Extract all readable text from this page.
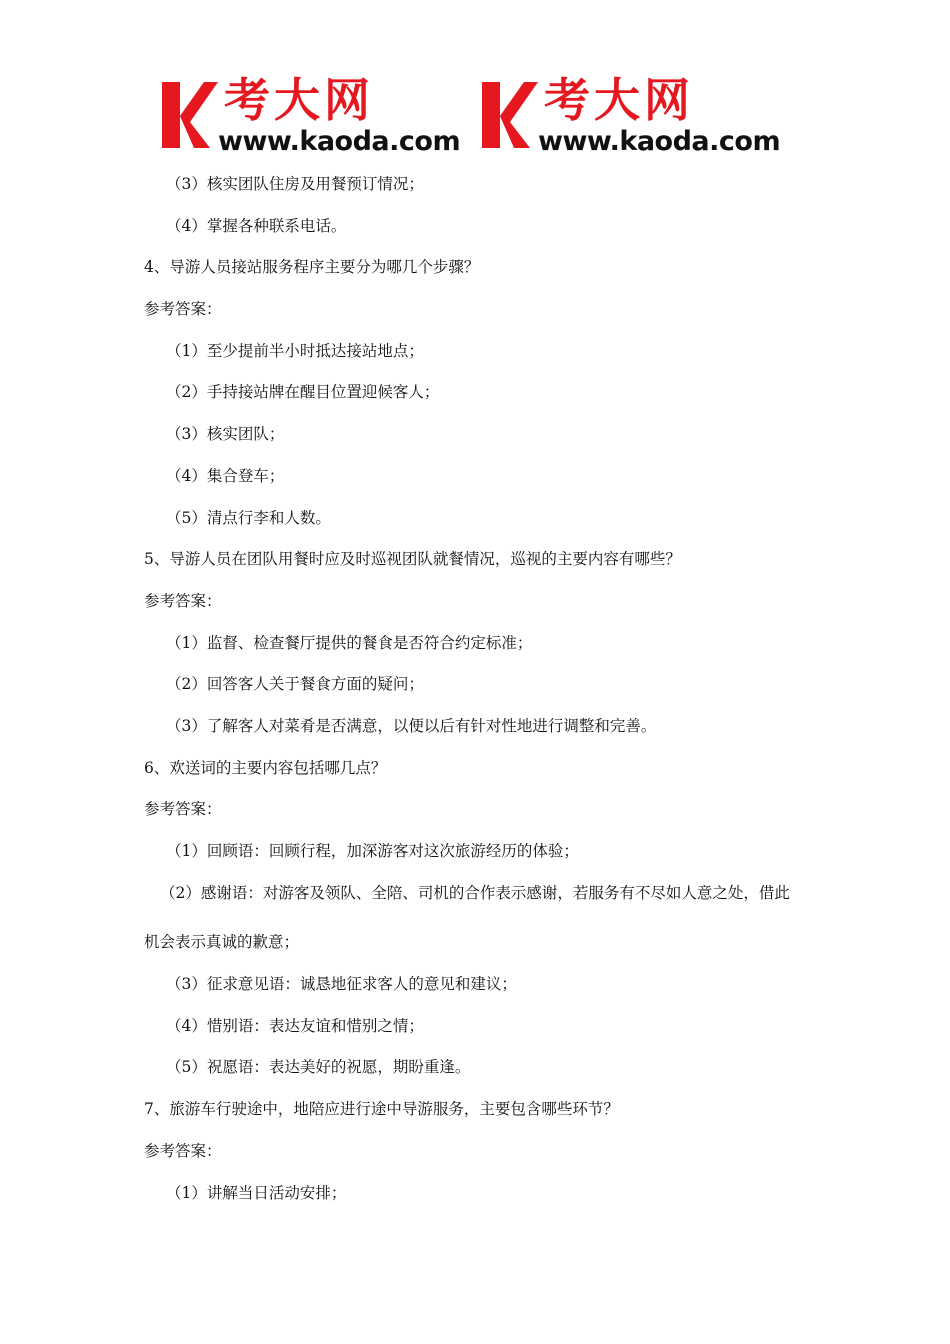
考大网
www.kaoda.com
考大网
www.kaoda.com
（3）核实团队住房及用餐预订情况；
（4）掌握各种联系电话。
4、导游人员接站服务程序主要分为哪几个步骤？
参考答案：
（1）至少提前半小时抵达接站地点；
（2）手持接站牌在醒目位置迎候客人；
（3）核实团队；
（4）集合登车；
（5）清点行李和人数。
5、导游人员在团队用餐时应及时巡视团队就餐情况，巡视的主要内容有哪些？
参考答案：
（1）监督、检查餐厅提供的餐食是否符合约定标准；
（2）回答客人关于餐食方面的疑问；
（3）了解客人对菜肴是否满意，以便以后有针对性地进行调整和完善。
6、欢送词的主要内容包括哪几点？
参考答案：
（1）回顾语：回顾行程，加深游客对这次旅游经历的体验；
（2）感谢语：对游客及领队、全陪、司机的合作表示感谢，若服务有不尽如人意之处，借此
机会表示真诚的歉意；
（3）征求意见语：诚恳地征求客人的意见和建议；
（4）惜别语：表达友谊和惜别之情；
（5）祝愿语：表达美好的祝愿，期盼重逢。
7、旅游车行驶途中，地陪应进行途中导游服务，主要包含哪些环节？
参考答案：
（1）讲解当日活动安排；
